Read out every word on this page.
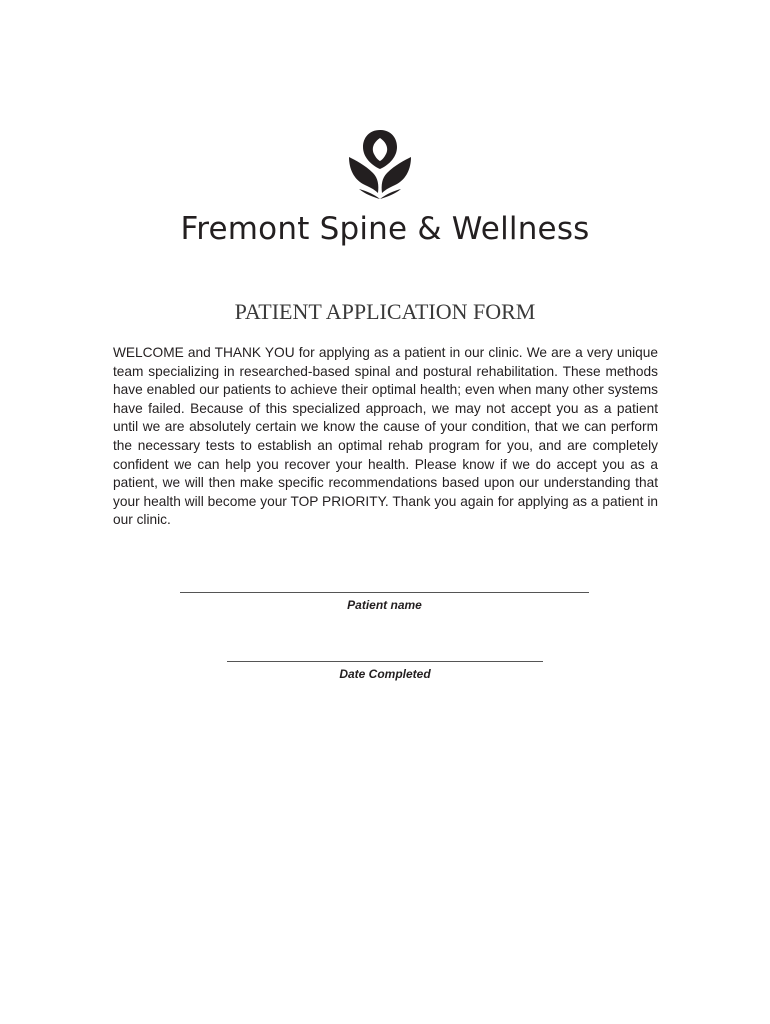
Fremont Spine & Wellness
PATIENT APPLICATION FORM

WELCOME and THANK YOU for applying as a patient in our clinic. We are a very unique team specializing in researched-based spinal and postural rehabilitation. These methods have enabled our patients to achieve their optimal health; even when many other systems have failed. Because of this specialized approach, we may not accept you as a patient until we are absolutely certain we know the cause of your condition, that we can perform the necessary tests to establish an optimal rehab program for you, and are completely confident we can help you recover your health. Please know if we do accept you as a patient, we will then make specific recommendations based upon our understanding that your health will become your TOP PRIORITY. Thank you again for applying as a patient in our clinic.

Patient name
Date Completed
